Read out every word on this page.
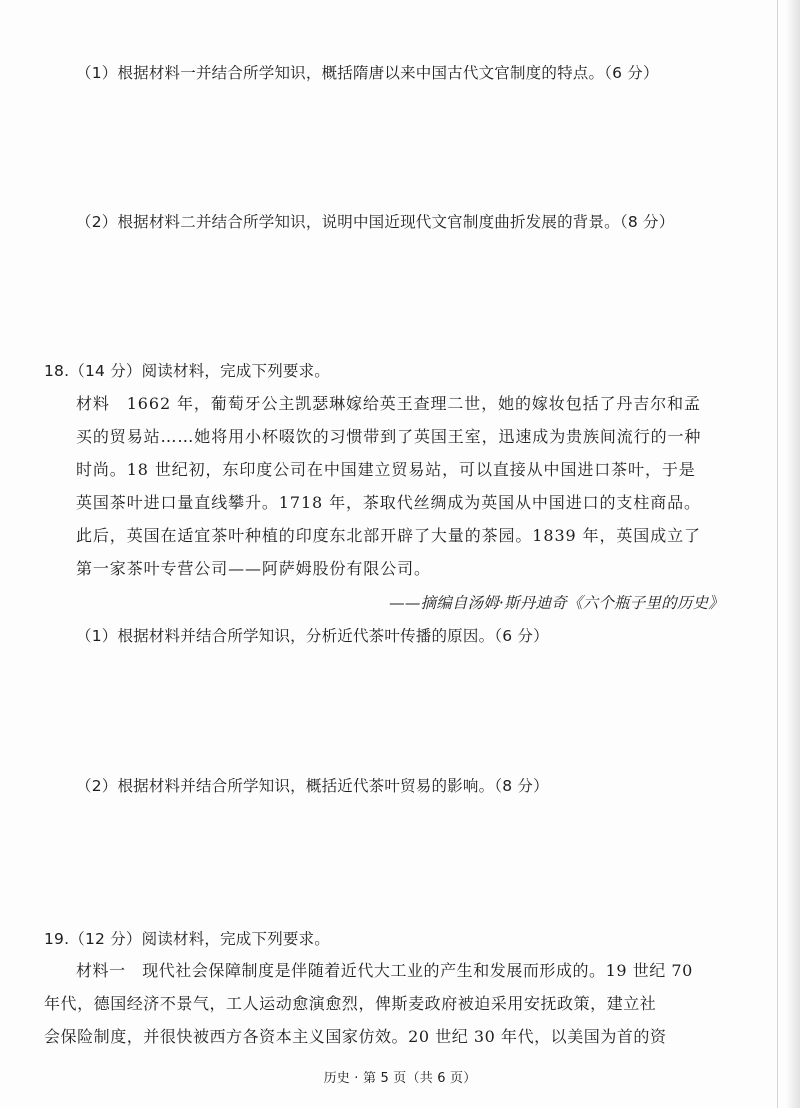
（1）根据材料一并结合所学知识，概括隋唐以来中国古代文官制度的特点。（6 分）
（2）根据材料二并结合所学知识，说明中国近现代文官制度曲折发展的背景。（8 分）
18.（14 分）阅读材料，完成下列要求。
材料　1662 年，葡萄牙公主凯瑟琳嫁给英王查理二世，她的嫁妆包括了丹吉尔和孟
买的贸易站……她将用小杯啜饮的习惯带到了英国王室，迅速成为贵族间流行的一种
时尚。18 世纪初，东印度公司在中国建立贸易站，可以直接从中国进口茶叶，于是
英国茶叶进口量直线攀升。1718 年，茶取代丝绸成为英国从中国进口的支柱商品。
此后，英国在适宜茶叶种植的印度东北部开辟了大量的茶园。1839 年，英国成立了
第一家茶叶专营公司——阿萨姆股份有限公司。
——摘编自汤姆·斯丹迪奇《六个瓶子里的历史》
（1）根据材料并结合所学知识，分析近代茶叶传播的原因。（6 分）
（2）根据材料并结合所学知识，概括近代茶叶贸易的影响。（8 分）
19.（12 分）阅读材料，完成下列要求。
材料一　现代社会保障制度是伴随着近代大工业的产生和发展而形成的。19 世纪 70
年代，德国经济不景气，工人运动愈演愈烈，俾斯麦政府被迫采用安抚政策，建立社
会保险制度，并很快被西方各资本主义国家仿效。20 世纪 30 年代，以美国为首的资
历史 · 第 5 页（共 6 页）
